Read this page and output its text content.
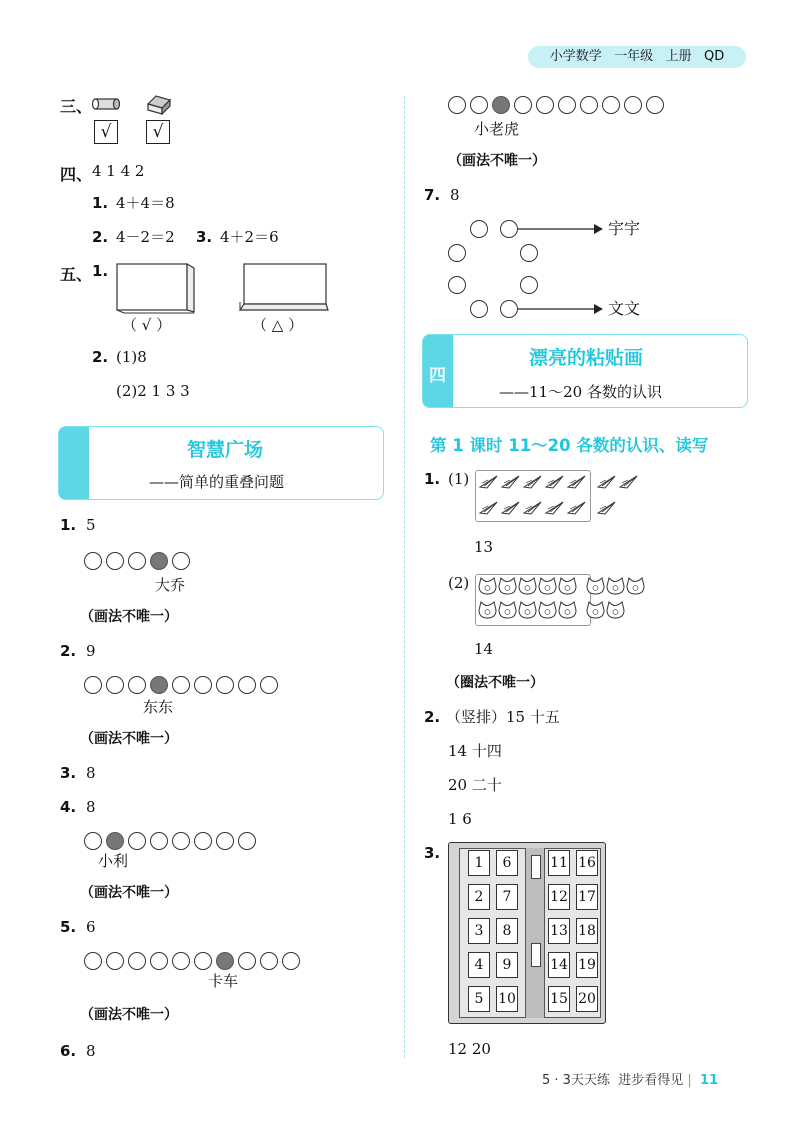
小学数学 一年级 上册 QD
三、
√	√
四、 4 1 4 2
1. 4＋4＝8
2. 4－2＝2 3. 4＋2＝6
五、 1.
（ √ ）	（ △ ）
2. (1)8
(2)2 1 3 3
智慧广场
——简单的重叠问题
1. 5
大乔
（画法不唯一）
2. 9
东东
（画法不唯一）
3. 8
4. 8
小利
（画法不唯一）
5. 6
卡车
（画法不唯一）
6. 8
小老虎
（画法不唯一）
7. 8
宇宇
文文
四
漂亮的粘贴画
——11～20 各数的认识
第 1 课时 11～20 各数的认识、读写
1. (1)
13
(2)
14
（圈法不唯一）
2. （竖排）15 十五
14 十四
20 二十
1 6
3.
1	6	11 16
2	7	12 17
3	8	13 18
4	9	14 19
5	10 15 20
12 20
5 · 3天天练 进步看得见 | 11
